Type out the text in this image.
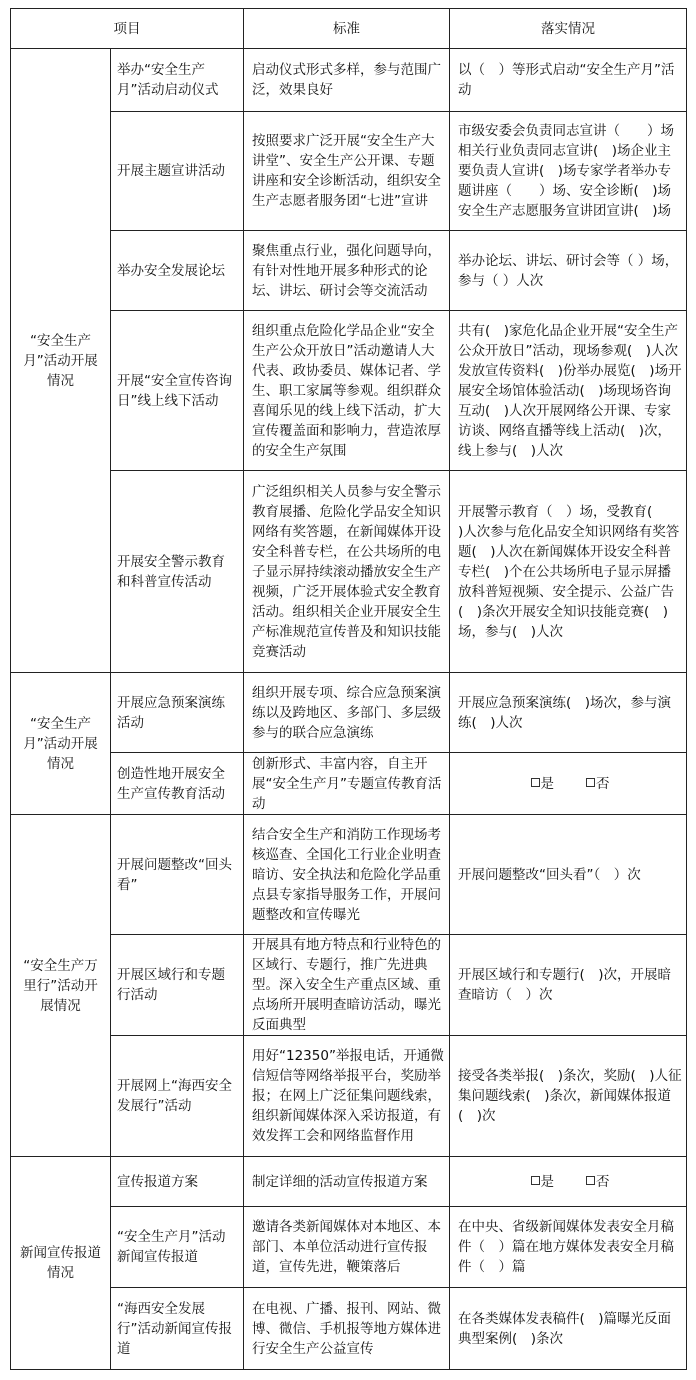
项目		标准	落实情况
“安全生产月”活动开展情况	举办“安全生产月”活动启动仪式	启动仪式形式多样，参与范围广泛，效果良好	以（　）等形式启动“安全生产月”活动
	开展主题宣讲活动	按照要求广泛开展“安全生产大讲堂”、安全生产公开课、专题讲座和安全诊断活动，组织安全生产志愿者服务团“七进”宣讲	市级安委会负责同志宣讲（　　）场相关行业负责同志宣讲(　)场企业主要负责人宣讲(　)场专家学者举办专题讲座（　　）场、安全诊断(　)场安全生产志愿服务宣讲团宣讲(　)场
	举办安全发展论坛	聚焦重点行业，强化问题导向，有针对性地开展多种形式的论坛、讲坛、研讨会等交流活动	举办论坛、讲坛、研讨会等（ ）场，参与（ ）人次
	开展“安全宣传咨询日”线上线下活动	组织重点危险化学品企业“安全生产公众开放日”活动邀请人大代表、政协委员、媒体记者、学生、职工家属等参观。组织群众喜闻乐见的线上线下活动，扩大宣传覆盖面和影响力，营造浓厚的安全生产氛围	共有(　)家危化品企业开展“安全生产公众开放日”活动，现场参观(　)人次发放宣传资料(　)份举办展览(　)场开展安全场馆体验活动(　)场现场咨询互动(　)人次开展网络公开课、专家访谈、网络直播等线上活动(　)次，线上参与(　)人次
	开展安全警示教育和科普宣传活动	广泛组织相关人员参与安全警示教育展播、危险化学品安全知识网络有奖答题，在新闻媒体开设安全科普专栏，在公共场所的电子显示屏持续滚动播放安全生产视频，广泛开展体验式安全教育活动。组织相关企业开展安全生产标准规范宣传普及和知识技能竞赛活动	开展警示教育（　）场，受教育(　　)人次参与危化品安全知识网络有奖答题(　)人次在新闻媒体开设安全科普专栏(　)个在公共场所电子显示屏播放科普短视频、安全提示、公益广告(　)条次开展安全知识技能竞赛(　)场，参与(　)人次
“安全生产月”活动开展情况	开展应急预案演练活动	组织开展专项、综合应急预案演练以及跨地区、多部门、多层级参与的联合应急演练	开展应急预案演练(　)场次，参与演练(　)人次
	创造性地开展安全生产宣传教育活动	创新形式、丰富内容，自主开展“安全生产月”专题宣传教育活动	是 否
“安全生产万里行”活动开展情况	开展问题整改“回头看”	结合安全生产和消防工作现场考核巡查、全国化工行业企业明查暗访、安全执法和危险化学品重点县专家指导服务工作，开展问题整改和宣传曝光	开展问题整改“回头看”（　）次
	开展区域行和专题行活动	开展具有地方特点和行业特色的区域行、专题行，推广先进典型。深入安全生产重点区域、重点场所开展明查暗访活动，曝光反面典型	开展区域行和专题行(　)次，开展暗查暗访（　）次
	开展网上“海西安全发展行”活动	用好“12350”举报电话，开通微信短信等网络举报平台，奖励举报；在网上广泛征集问题线索，组织新闻媒体深入采访报道，有效发挥工会和网络监督作用	接受各类举报(　)条次，奖励(　)人征集问题线索(　)条次，新闻媒体报道(　)次
新闻宣传报道情况	宣传报道方案	制定详细的活动宣传报道方案	是 否
	“安全生产月”活动新闻宣传报道	邀请各类新闻媒体对本地区、本部门、本单位活动进行宣传报道，宣传先进，鞭策落后	在中央、省级新闻媒体发表安全月稿件（　）篇在地方媒体发表安全月稿件（　）篇
	“海西安全发展行”活动新闻宣传报道	在电视、广播、报刊、网站、微博、微信、手机报等地方媒体进行安全生产公益宣传	在各类媒体发表稿件(　)篇曝光反面典型案例(　)条次
